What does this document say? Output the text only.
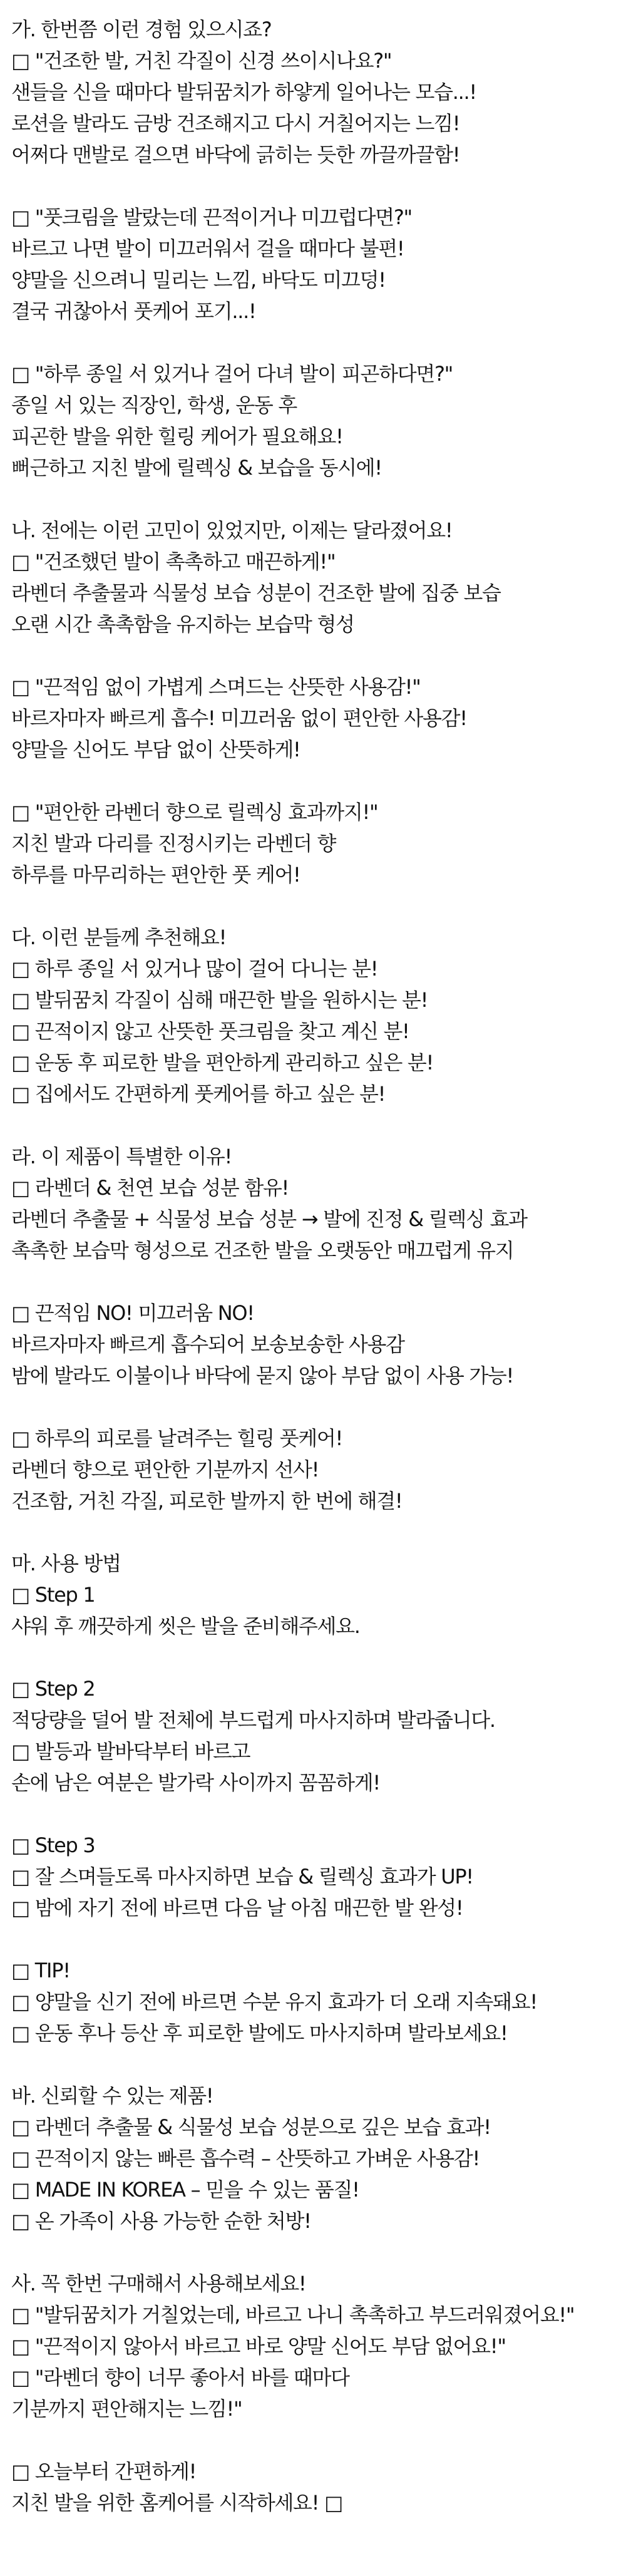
가. 한번쯤 이런 경험 있으시죠?
□ "건조한 발, 거친 각질이 신경 쓰이시나요?"
샌들을 신을 때마다 발뒤꿈치가 하얗게 일어나는 모습...!
로션을 발라도 금방 건조해지고 다시 거칠어지는 느낌!
어쩌다 맨발로 걸으면 바닥에 긁히는 듯한 까끌까끌함!
□ "풋크림을 발랐는데 끈적이거나 미끄럽다면?"
바르고 나면 발이 미끄러워서 걸을 때마다 불편!
양말을 신으려니 밀리는 느낌, 바닥도 미끄덩!
결국 귀찮아서 풋케어 포기...!
□ "하루 종일 서 있거나 걸어 다녀 발이 피곤하다면?"
종일 서 있는 직장인, 학생, 운동 후
피곤한 발을 위한 힐링 케어가 필요해요!
뻐근하고 지친 발에 릴렉싱 & 보습을 동시에!
나. 전에는 이런 고민이 있었지만, 이제는 달라졌어요!
□ "건조했던 발이 촉촉하고 매끈하게!"
라벤더 추출물과 식물성 보습 성분이 건조한 발에 집중 보습
오랜 시간 촉촉함을 유지하는 보습막 형성
□ "끈적임 없이 가볍게 스며드는 산뜻한 사용감!"
바르자마자 빠르게 흡수! 미끄러움 없이 편안한 사용감!
양말을 신어도 부담 없이 산뜻하게!
□ "편안한 라벤더 향으로 릴렉싱 효과까지!"
지친 발과 다리를 진정시키는 라벤더 향
하루를 마무리하는 편안한 풋 케어!
다. 이런 분들께 추천해요!
□ 하루 종일 서 있거나 많이 걸어 다니는 분!
□ 발뒤꿈치 각질이 심해 매끈한 발을 원하시는 분!
□ 끈적이지 않고 산뜻한 풋크림을 찾고 계신 분!
□ 운동 후 피로한 발을 편안하게 관리하고 싶은 분!
□ 집에서도 간편하게 풋케어를 하고 싶은 분!
라. 이 제품이 특별한 이유!
□ 라벤더 & 천연 보습 성분 함유!
라벤더 추출물 + 식물성 보습 성분 → 발에 진정 & 릴렉싱 효과
촉촉한 보습막 형성으로 건조한 발을 오랫동안 매끄럽게 유지
□ 끈적임 NO! 미끄러움 NO!
바르자마자 빠르게 흡수되어 보송보송한 사용감
밤에 발라도 이불이나 바닥에 묻지 않아 부담 없이 사용 가능!
□ 하루의 피로를 날려주는 힐링 풋케어!
라벤더 향으로 편안한 기분까지 선사!
건조함, 거친 각질, 피로한 발까지 한 번에 해결!
마. 사용 방법
□ Step 1
샤워 후 깨끗하게 씻은 발을 준비해주세요.
□ Step 2
적당량을 덜어 발 전체에 부드럽게 마사지하며 발라줍니다.
□ 발등과 발바닥부터 바르고
손에 남은 여분은 발가락 사이까지 꼼꼼하게!
□ Step 3
□ 잘 스며들도록 마사지하면 보습 & 릴렉싱 효과가 UP!
□ 밤에 자기 전에 바르면 다음 날 아침 매끈한 발 완성!
□ TIP!
□ 양말을 신기 전에 바르면 수분 유지 효과가 더 오래 지속돼요!
□ 운동 후나 등산 후 피로한 발에도 마사지하며 발라보세요!
바. 신뢰할 수 있는 제품!
□ 라벤더 추출물 & 식물성 보습 성분으로 깊은 보습 효과!
□ 끈적이지 않는 빠른 흡수력 – 산뜻하고 가벼운 사용감!
□ MADE IN KOREA – 믿을 수 있는 품질!
□ 온 가족이 사용 가능한 순한 처방!
사. 꼭 한번 구매해서 사용해보세요!
□ "발뒤꿈치가 거칠었는데, 바르고 나니 촉촉하고 부드러워졌어요!"
□ "끈적이지 않아서 바르고 바로 양말 신어도 부담 없어요!"
□ "라벤더 향이 너무 좋아서 바를 때마다
기분까지 편안해지는 느낌!"
□ 오늘부터 간편하게!
지친 발을 위한 홈케어를 시작하세요! □
